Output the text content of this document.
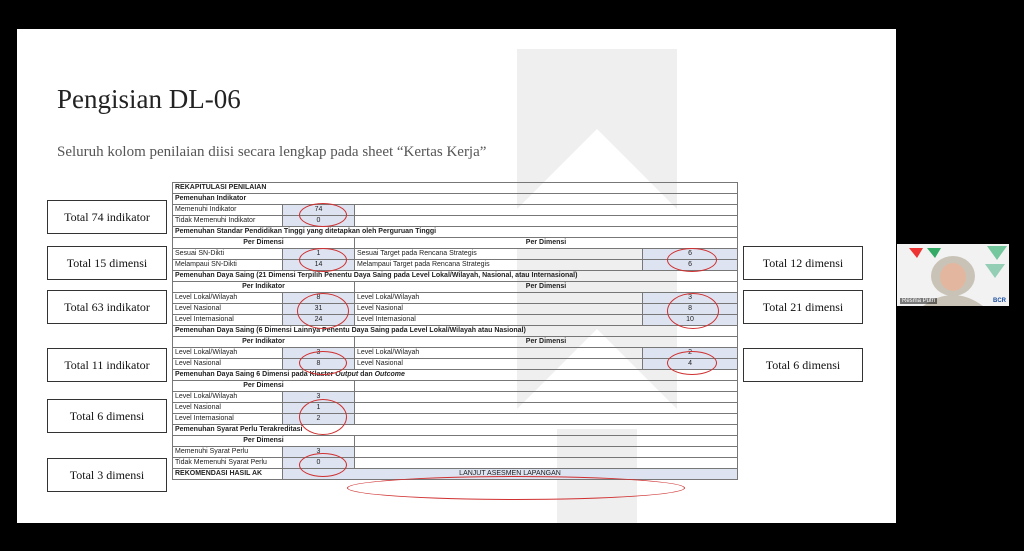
Pengisian DL-06
Seluruh kolom penilaian diisi secara lengkap pada sheet “Kertas Kerja”
REKAPITULASI PENILAIAN			
Pemenuhan Indikator			
Memenuhi Indikator	74		
Tidak Memenuhi Indikator	0		
Pemenuhan Standar Pendidikan Tinggi yang ditetapkan oleh Perguruan Tinggi			
Per Dimensi		Per Dimensi	
Sesuai SN-Dikti	1	Sesuai Target pada Rencana Strategis	6
Melampaui SN-Dikti	14	Melampaui Target pada Rencana Strategis	6
Pemenuhan Daya Saing (21 Dimensi Terpilih Penentu Daya Saing pada Level Lokal/Wilayah, Nasional, atau Internasional)			
Per Indikator		Per Dimensi	
Level Lokal/Wilayah	8	Level Lokal/Wilayah	3
Level Nasional	31	Level Nasional	8
Level Internasional	24	Level Internasional	10
Pemenuhan Daya Saing (6 Dimensi Lainnya Penentu Daya Saing pada Level Lokal/Wilayah atau Nasional)			
Per Indikator		Per Dimensi	
Level Lokal/Wilayah	3	Level Lokal/Wilayah	2
Level Nasional	8	Level Nasional	4
Pemenuhan Daya Saing 6 Dimensi pada Klaster Output dan Outcome			
Per Dimensi			
Level Lokal/Wilayah	3		
Level Nasional	1		
Level Internasional	2		
Pemenuhan Syarat Perlu Terakreditasi			
Per Dimensi			
Memenuhi Syarat Perlu	3		
Tidak Memenuhi Syarat Perlu	0		
REKOMENDASI HASIL AK	LANJUT ASESMEN LAPANGAN		
Total 74 indikator
Total 15 dimensi
Total 63 indikator
Total 11 indikator
Total 6 dimensi
Total 3 dimensi
Total 12 dimensi
Total 21 dimensi
Total 6 dimensi
Resma Putri	BCR
